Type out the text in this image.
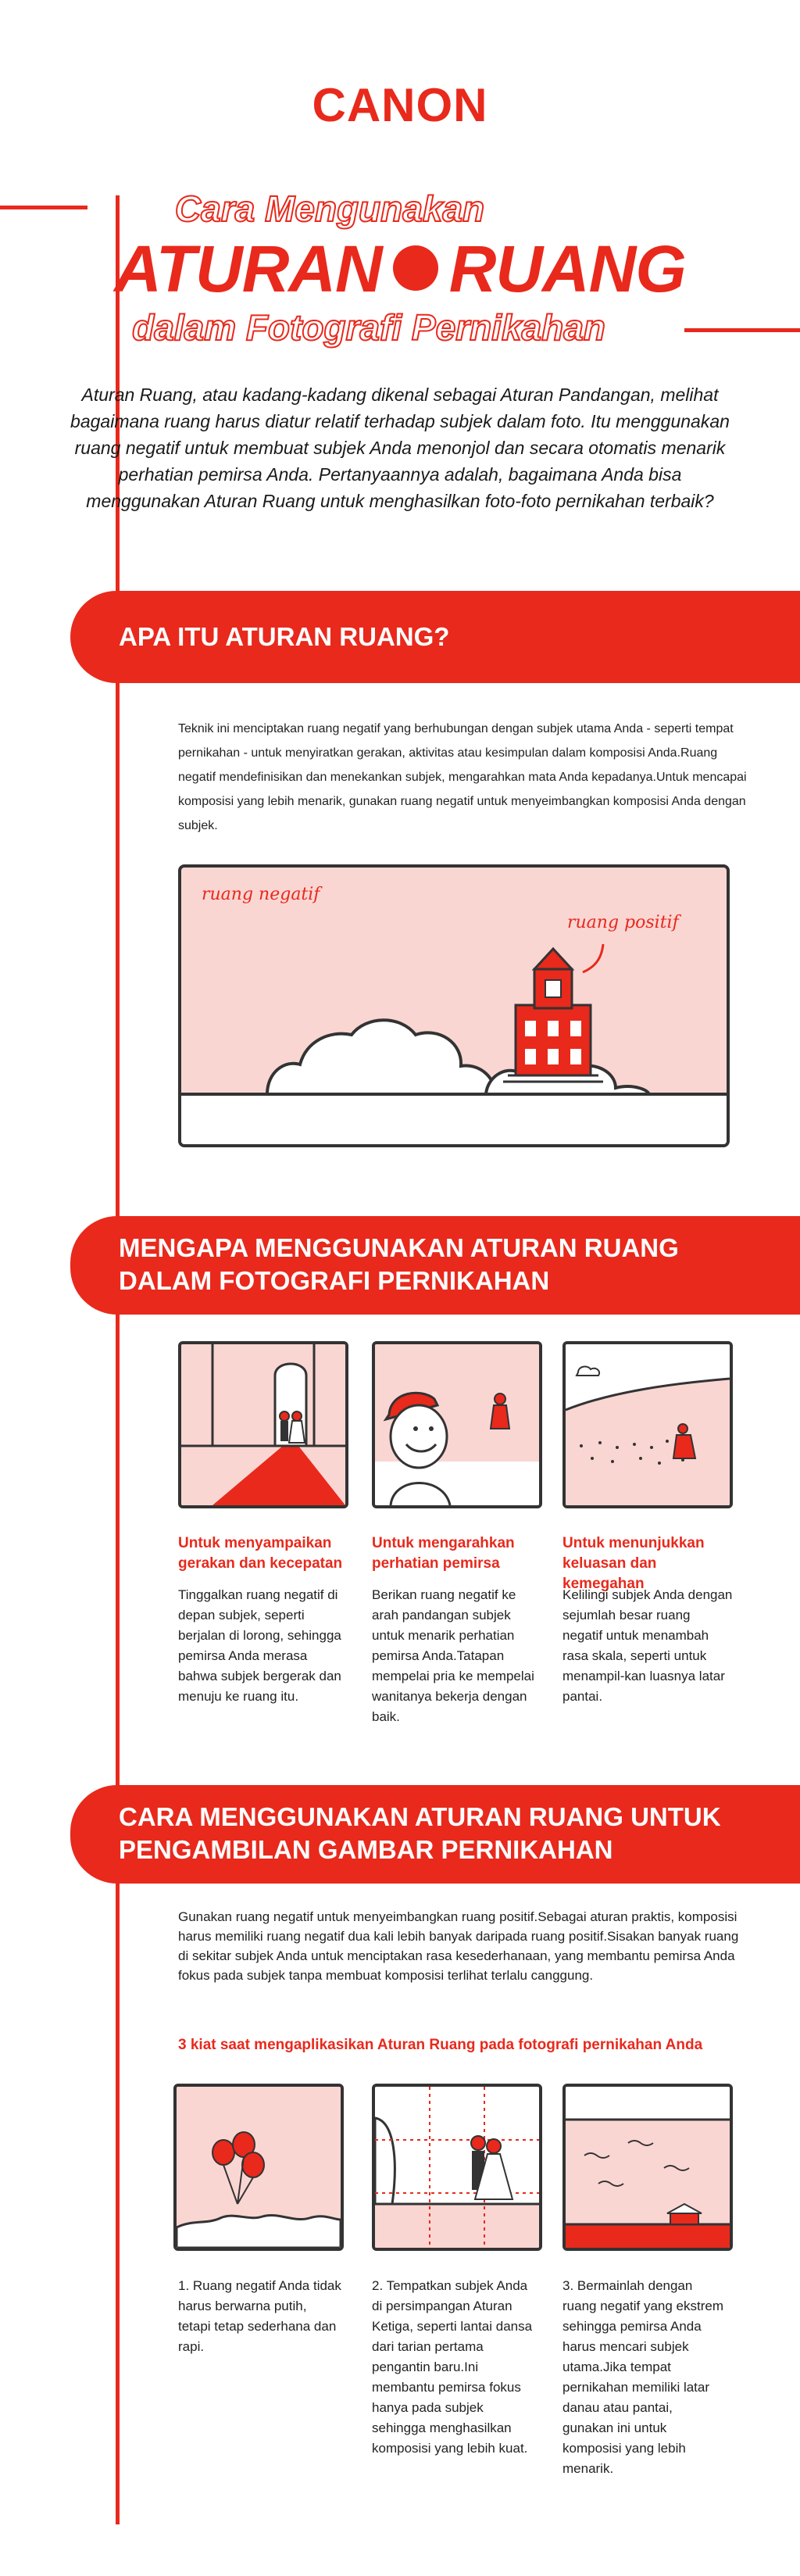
CANON
Cara Mengunakan
ATURAN RUANG
dalam Fotografi Pernikahan

Aturan Ruang, atau kadang-kadang dikenal sebagai Aturan Pandangan, melihat bagaimana ruang harus diatur relatif terhadap subjek dalam foto. Itu menggunakan ruang negatif untuk membuat subjek Anda menonjol dan secara otomatis menarik perhatian pemirsa Anda. Pertanyaannya adalah, bagaimana Anda bisa menggunakan Aturan Ruang untuk menghasilkan foto-foto pernikahan terbaik?

APA ITU ATURAN RUANG?

Teknik ini menciptakan ruang negatif yang berhubungan dengan subjek utama Anda - seperti tempat pernikahan - untuk menyiratkan gerakan, aktivitas atau kesimpulan dalam komposisi Anda.Ruang negatif mendefinisikan dan menekankan subjek, mengarahkan mata Anda kepadanya.Untuk mencapai komposisi yang lebih menarik, gunakan ruang negatif untuk menyeimbangkan komposisi Anda dengan subjek.

ruang negatif
ruang positif
MENGAPA MENGGUNAKAN ATURAN RUANG
DALAM FOTOGRAFI PERNIKAHAN
Untuk menyampaikan gerakan dan kecepatan
Untuk mengarahkan perhatian pemirsa
Untuk menunjukkan keluasan dan kemegahan
Tinggalkan ruang negatif di depan subjek, seperti berjalan di lorong, sehingga pemirsa Anda merasa bahwa subjek bergerak dan menuju ke ruang itu.
Berikan ruang negatif ke arah pandangan subjek untuk menarik perhatian pemirsa Anda.Tatapan mempelai pria ke mempelai wanitanya bekerja dengan baik.
Kelilingi subjek Anda dengan sejumlah besar ruang negatif untuk menambah rasa skala, seperti untuk menampil-kan luasnya latar pantai.
CARA MENGGUNAKAN ATURAN RUANG UNTUK
PENGAMBILAN GAMBAR PERNIKAHAN

Gunakan ruang negatif untuk menyeimbangkan ruang positif.Sebagai aturan praktis, komposisi harus memiliki ruang negatif dua kali lebih banyak daripada ruang positif.Sisakan banyak ruang di sekitar subjek Anda untuk menciptakan rasa kesederhanaan, yang membantu pemirsa Anda fokus pada subjek tanpa membuat komposisi terlihat terlalu canggung.

3 kiat saat mengaplikasikan Aturan Ruang pada fotografi pernikahan Anda
1. Ruang negatif Anda tidak harus berwarna putih, tetapi tetap sederhana dan rapi.
2. Tempatkan subjek Anda di persimpangan Aturan Ketiga, seperti lantai dansa dari tarian pertama pengantin baru.Ini membantu pemirsa fokus hanya pada subjek sehingga menghasilkan komposisi yang lebih kuat.
3. Bermainlah dengan ruang negatif yang ekstrem sehingga pemirsa Anda harus mencari subjek utama.Jika tempat pernikahan memiliki latar danau atau pantai, gunakan ini untuk komposisi yang lebih menarik.
